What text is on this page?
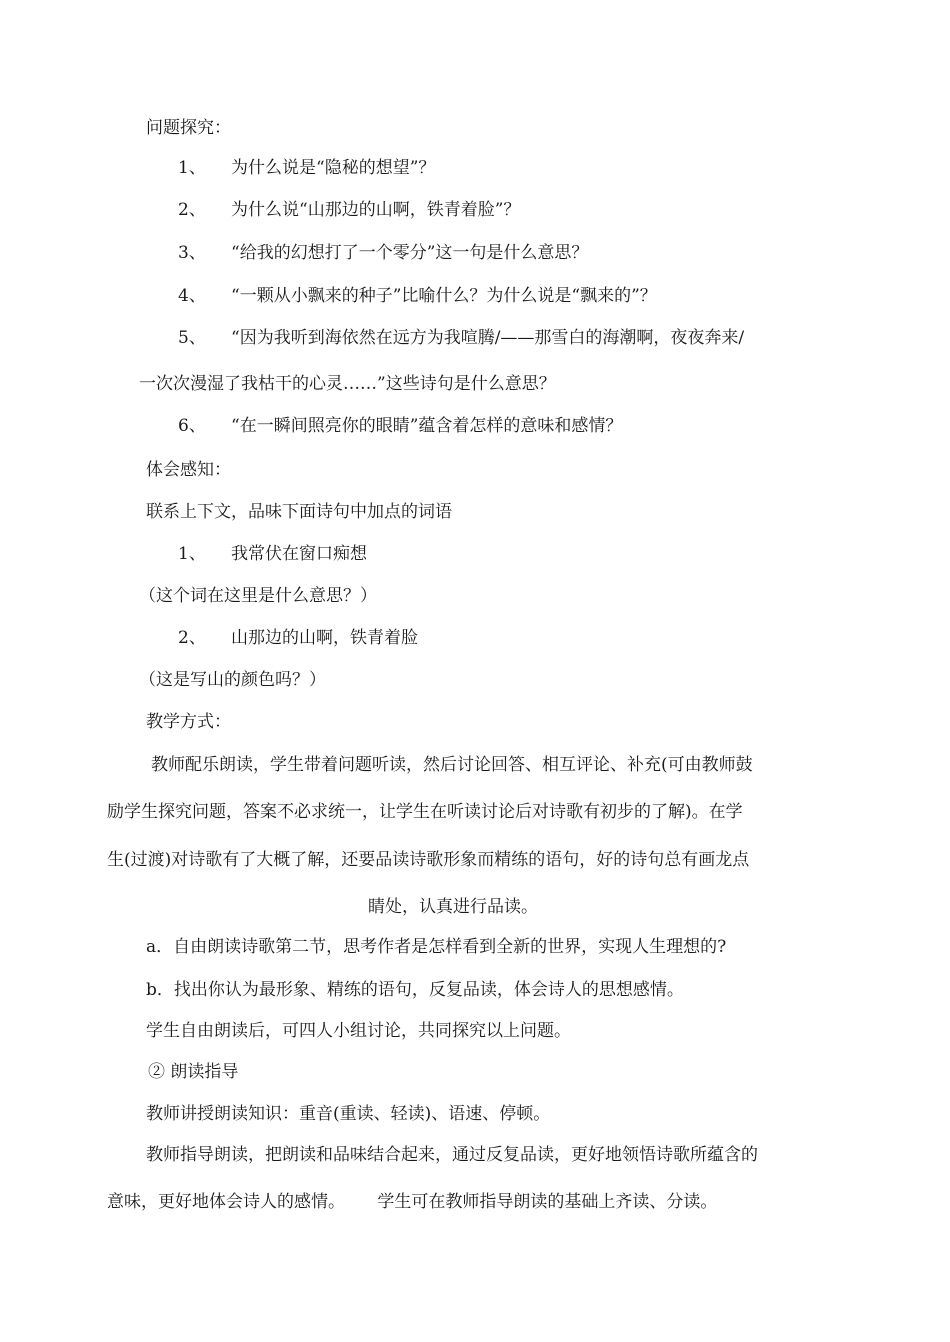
问题探究：
1、 为什么说是“隐秘的想望”？
2、 为什么说“山那边的山啊，铁青着脸”？
3、 “给我的幻想打了一个零分”这一句是什么意思？
4、 “一颗从小飘来的种子”比喻什么？为什么说是“飘来的”？
5、 “因为我听到海依然在远方为我喧腾/——那雪白的海潮啊，夜夜奔来/
一次次漫湿了我枯干的心灵……”这些诗句是什么意思？
6、 “在一瞬间照亮你的眼睛”蕴含着怎样的意味和感情？
体会感知：
联系上下文，品味下面诗句中加点的词语
1、 我常伏在窗口痴想
（这个词在这里是什么意思？）
2、 山那边的山啊，铁青着脸
（这是写山的颜色吗？）
教学方式：
教师配乐朗读，学生带着问题听读，然后讨论回答、相互评论、补充(可由教师鼓
励学生探究问题，答案不必求统一，让学生在听读讨论后对诗歌有初步的了解)。在学
生(过渡)对诗歌有了大概了解，还要品读诗歌形象而精练的语句，好的诗句总有画龙点
睛处，认真进行品读。
a．自由朗读诗歌第二节，思考作者是怎样看到全新的世界，实现人生理想的?
b．找出你认为最形象、精练的语句，反复品读，体会诗人的思想感情。
学生自由朗读后，可四人小组讨论，共同探究以上问题。
② 朗读指导
教师讲授朗读知识：重音(重读、轻读)、语速、停顿。
教师指导朗读，把朗读和品味结合起来，通过反复品读，更好地领悟诗歌所蕴含的
意味，更好地体会诗人的感情。      学生可在教师指导朗读的基础上齐读、分读。
